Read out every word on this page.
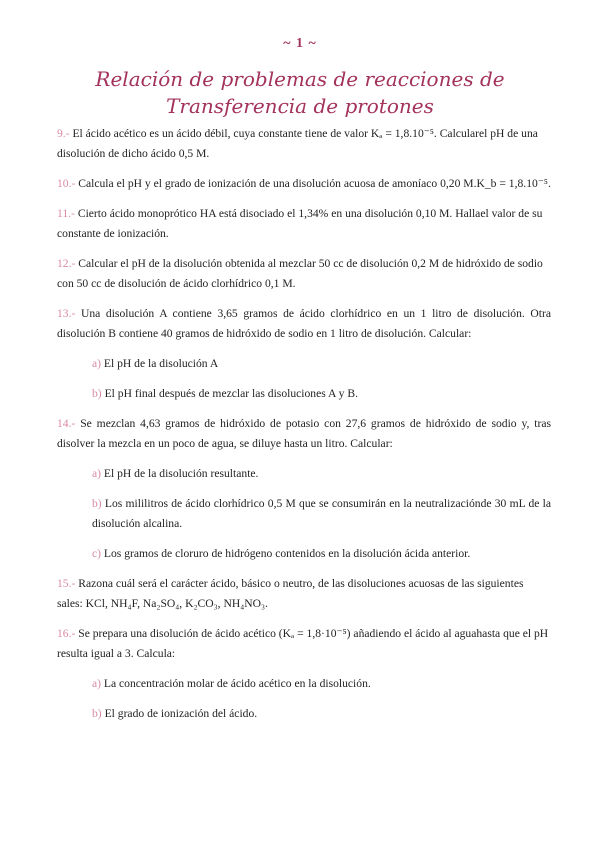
~ 1 ~
Relación de problemas de reacciones de
Transferencia de protones
9.- El ácido acético es un ácido débil, cuya constante tiene de valor Kₐ = 1,8.10⁻⁵. Calcularel pH de una disolución de dicho ácido 0,5 M.
10.- Calcula el pH y el grado de ionización de una disolución acuosa de amoníaco 0,20 M.K_b = 1,8.10⁻⁵.
11.- Cierto ácido monoprótico HA está disociado el 1,34% en una disolución 0,10 M. Hallael valor de su constante de ionización.
12.- Calcular el pH de la disolución obtenida al mezclar 50 cc de disolución 0,2 M de hidróxido de sodio con 50 cc de disolución de ácido clorhídrico 0,1 M.
13.- Una disolución A contiene 3,65 gramos de ácido clorhídrico en un 1 litro de disolución. Otra disolución B contiene 40 gramos de hidróxido de sodio en 1 litro de disolución. Calcular:
a) El pH de la disolución A
b) El pH final después de mezclar las disoluciones A y B.
14.- Se mezclan 4,63 gramos de hidróxido de potasio con 27,6 gramos de hidróxido de sodio y, tras disolver la mezcla en un poco de agua, se diluye hasta un litro. Calcular:
a) El pH de la disolución resultante.
b) Los mililitros de ácido clorhídrico 0,5 M que se consumirán en la neutralizaciónde 30 mL de la disolución alcalina.
c) Los gramos de cloruro de hidrógeno contenidos en la disolución ácida anterior.
15.- Razona cuál será el carácter ácido, básico o neutro, de las disoluciones acuosas de las siguientes sales: KCl, NH₄F, Na₂SO₄, K₂CO₃, NH₄NO₃.
16.- Se prepara una disolución de ácido acético (Kₐ = 1,8·10⁻⁵) añadiendo el ácido al aguahasta que el pH resulta igual a 3. Calcula:
a) La concentración molar de ácido acético en la disolución.
b) El grado de ionización del ácido.
